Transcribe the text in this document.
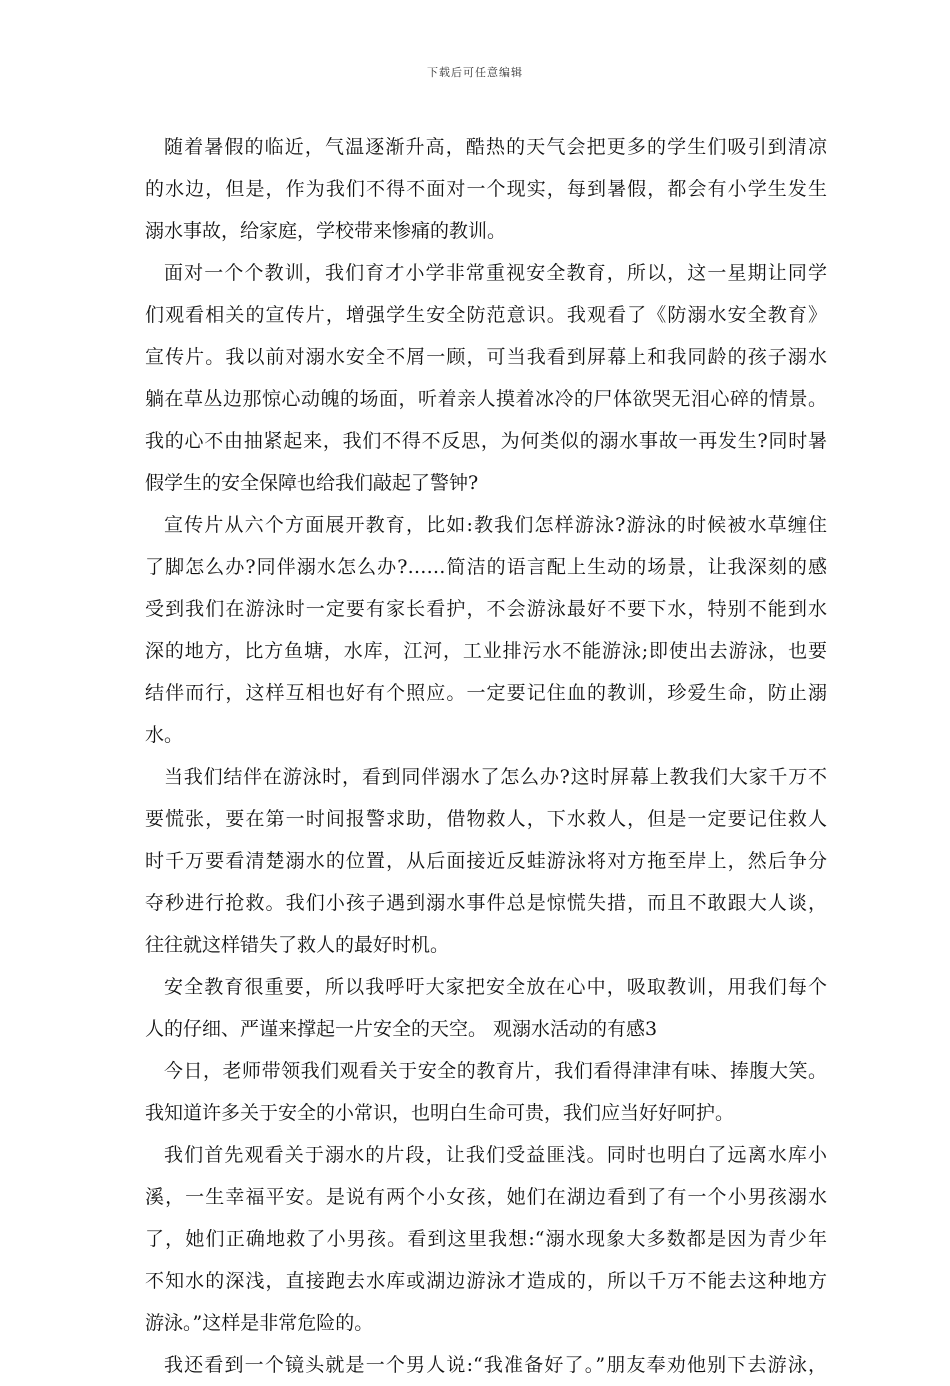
下载后可任意编辑
随着暑假的临近，气温逐渐升高，酷热的天气会把更多的学生们吸引到清凉
的水边，但是，作为我们不得不面对一个现实，每到暑假，都会有小学生发生
溺水事故，给家庭，学校带来惨痛的教训。
面对一个个教训，我们育才小学非常重视安全教育，所以，这一星期让同学
们观看相关的宣传片，增强学生安全防范意识。我观看了《防溺水安全教育》
宣传片。我以前对溺水安全不屑一顾，可当我看到屏幕上和我同龄的孩子溺水
躺在草丛边那惊心动魄的场面，听着亲人摸着冰冷的尸体欲哭无泪心碎的情景。
我的心不由抽紧起来，我们不得不反思，为何类似的溺水事故一再发生?同时暑
假学生的安全保障也给我们敲起了警钟?
宣传片从六个方面展开教育，比如:教我们怎样游泳?游泳的时候被水草缠住
了脚怎么办?同伴溺水怎么办?……简洁的语言配上生动的场景，让我深刻的感
受到我们在游泳时一定要有家长看护，不会游泳最好不要下水，特别不能到水
深的地方，比方鱼塘，水库，江河，工业排污水不能游泳;即使出去游泳，也要
结伴而行，这样互相也好有个照应。一定要记住血的教训，珍爱生命，防止溺
水。
当我们结伴在游泳时，看到同伴溺水了怎么办?这时屏幕上教我们大家千万不
要慌张，要在第一时间报警求助，借物救人，下水救人，但是一定要记住救人
时千万要看清楚溺水的位置，从后面接近反蛙游泳将对方拖至岸上，然后争分
夺秒进行抢救。我们小孩子遇到溺水事件总是惊慌失措，而且不敢跟大人谈，
往往就这样错失了救人的最好时机。
安全教育很重要，所以我呼吁大家把安全放在心中，吸取教训，用我们每个
人的仔细、严谨来撑起一片安全的天空。 观溺水活动的有感3
今日，老师带领我们观看关于安全的教育片，我们看得津津有味、捧腹大笑。
我知道许多关于安全的小常识，也明白生命可贵，我们应当好好呵护。
我们首先观看关于溺水的片段，让我们受益匪浅。同时也明白了远离水库小
溪，一生幸福平安。是说有两个小女孩，她们在湖边看到了有一个小男孩溺水
了，她们正确地救了小男孩。看到这里我想:“溺水现象大多数都是因为青少年
不知水的深浅，直接跑去水库或湖边游泳才造成的，所以千万不能去这种地方
游泳。”这样是非常危险的。
我还看到一个镜头就是一个男人说:“我准备好了。”朋友奉劝他别下去游泳，
